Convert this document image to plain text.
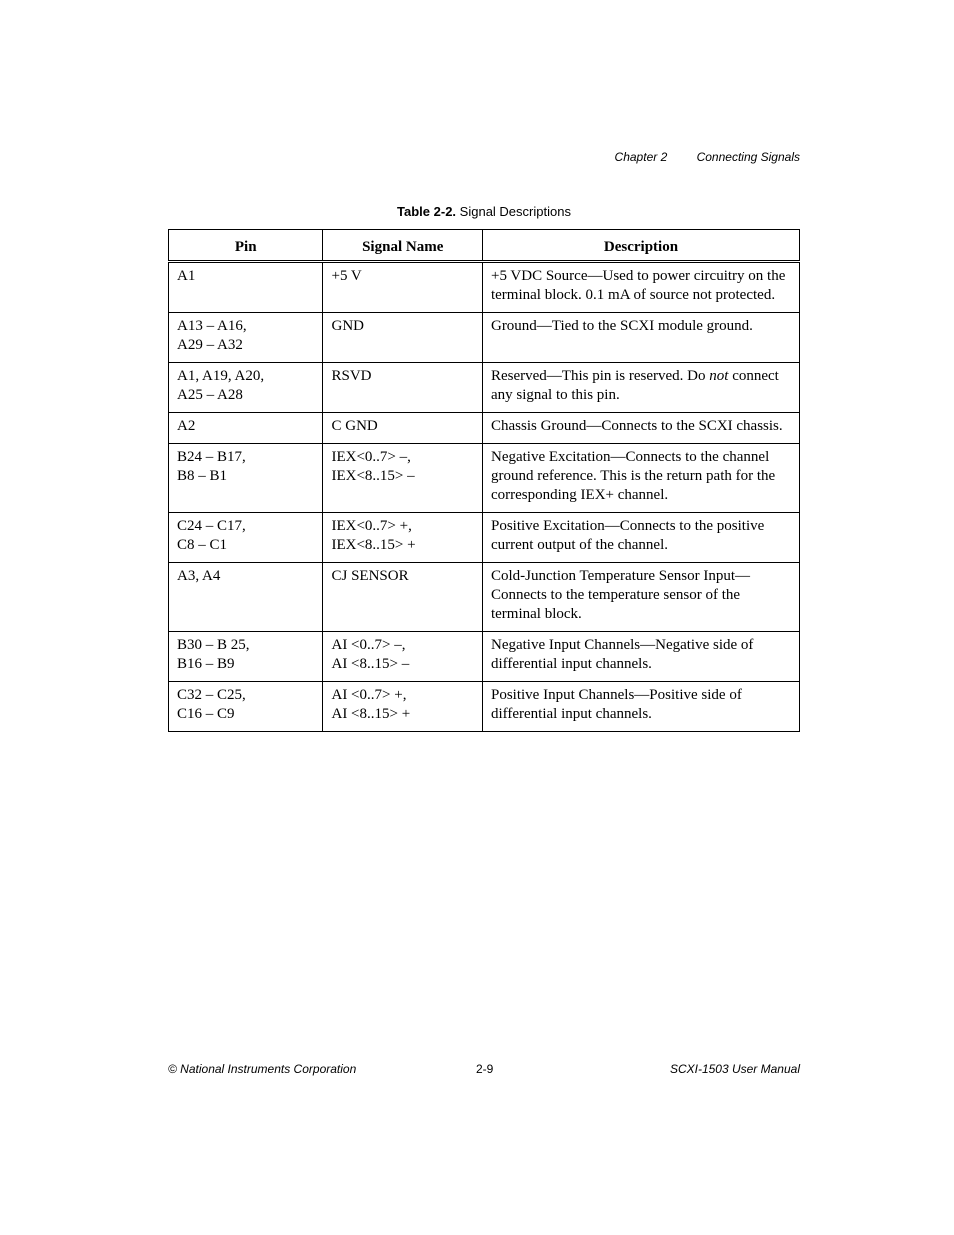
Chapter 2 Connecting Signals
Table 2-2. Signal Descriptions
Pin	Signal Name	Description

A1	+5 V	+5 VDC Source—Used to power circuitry on the terminal block. 0.1 mA of source not protected.

A13 – A16,
A29 – A32	GND	Ground—Tied to the SCXI module ground.

A1, A19, A20,
A25 – A28	RSVD	Reserved—This pin is reserved. Do not connect any signal to this pin.

A2	C GND	Chassis Ground—Connects to the SCXI chassis.

B24 – B17,
B8 – B1	IEX<0..7> –,
IEX<8..15> –	Negative Excitation—Connects to the channel ground reference. This is the return path for the corresponding IEX+ channel.

C24 – C17,
C8 – C1	IEX<0..7> +,
IEX<8..15> +	Positive Excitation—Connects to the positive current output of the channel.

A3, A4	CJ SENSOR	Cold-Junction Temperature Sensor Input—Connects to the temperature sensor of the terminal block.

B30 – B 25,
B16 – B9	AI <0..7> –,
AI <8..15> –	Negative Input Channels—Negative side of differential input channels.

C32 – C25,
C16 – C9	AI <0..7> +,
AI <8..15> +	Positive Input Channels—Positive side of differential input channels.
© National Instruments Corporation	2-9	SCXI-1503 User Manual
